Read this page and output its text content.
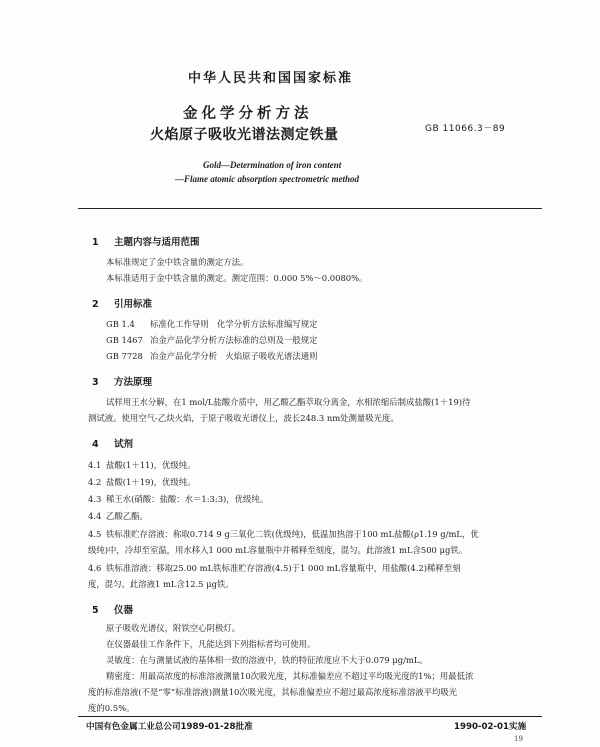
中华人民共和国国家标准
金化学分析方法
火焰原子吸收光谱法测定铁量	GB 11066.3－89
Gold—Determination of iron content
—Flame atomic absorption spectrometric method
1 主题内容与适用范围
本标准规定了金中铁含量的测定方法。
本标准适用于金中铁含量的测定。测定范围：0.000 5%～0.0080%。
2 引用标准
GB 1.4 标准化工作导则　化学分析方法标准编写规定
GB 1467 冶金产品化学分析方法标准的总则及一般规定
GB 7728 冶金产品化学分析　火焰原子吸收光谱法通则
3 方法原理
试样用王水分解，在1 mol/L盐酸介质中，用乙酸乙酯萃取分离金，水相浓缩后制成盐酸(1＋19)待
测试液。使用空气-乙炔火焰，于原子吸收光谱仪上，波长248.3 nm处测量吸光度。
4 试剂
4.1 盐酸(1＋11)，优级纯。
4.2 盐酸(1＋19)，优级纯。
4.3 稀王水(硝酸：盐酸：水＝1:3:3)，优级纯。
4.4 乙酸乙酯。
4.5 铁标准贮存溶液：称取0.714 9 g三氧化二铁(优级纯)，低温加热溶于100 mL盐酸(ρ1.19 g/mL，优
级纯)中，冷却至室温，用水移入1 000 mL容量瓶中并稀释至刻度，混匀。此溶液1 mL含500 μg铁。
4.6 铁标准溶液：移取25.00 mL铁标准贮存溶液(4.5)于1 000 mL容量瓶中，用盐酸(4.2)稀释至刻
度，混匀。此溶液1 mL含12.5 μg铁。
5 仪器
原子吸收光谱仪，附铁空心阴极灯。
在仪器最佳工作条件下，凡能达到下列指标者均可使用。
灵敏度：在与测量试液的基体相一致的溶液中，铁的特征浓度应不大于0.079 μg/mL。
精密度：用最高浓度的标准溶液测量10次吸光度，其标准偏差应不超过平均吸光度的1%；用最低浓
度的标准溶液(不是“零”标准溶液)测量10次吸光度，其标准偏差应不超过最高浓度标准溶液平均吸光
度的0.5%。
中国有色金属工业总公司1989-01-28批准	1990-02-01实施
19
